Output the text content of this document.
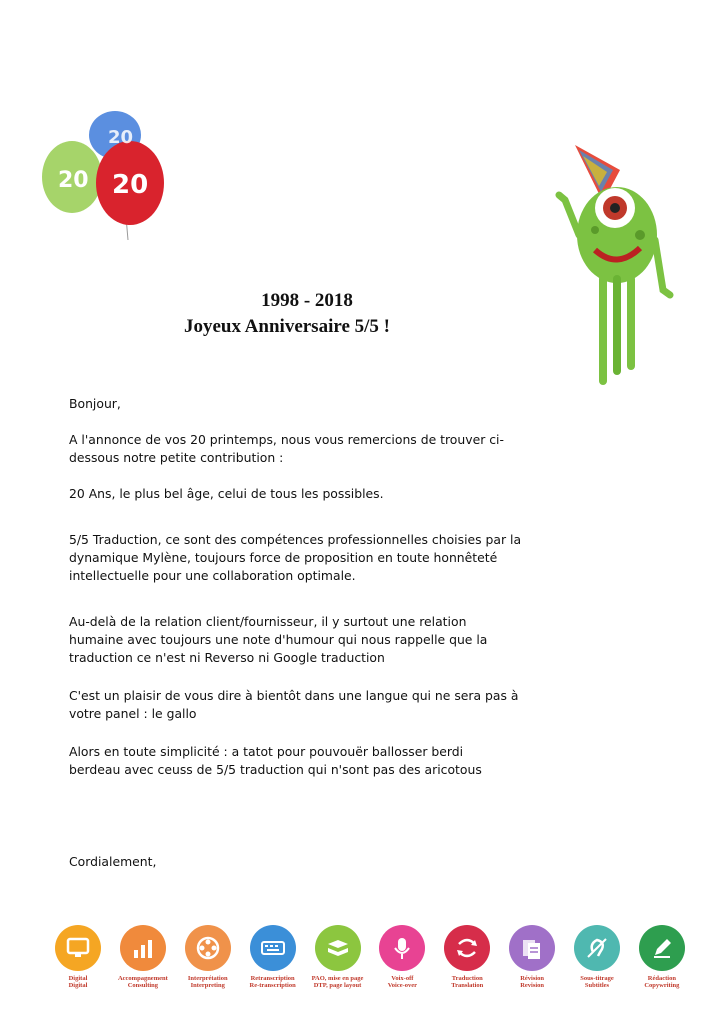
20
20 20
1998 - 2018
Joyeux Anniversaire 5/5 !

Bonjour,

A l'annonce de vos 20 printemps, nous vous remercions de trouver ci-
dessous notre petite contribution :

20 Ans, le plus bel âge, celui de tous les possibles.

5/5 Traduction, ce sont des compétences professionnelles choisies par la
dynamique Mylène, toujours force de proposition en toute honnêteté
intellectuelle pour une collaboration optimale.

Au-delà de la relation client/fournisseur, il y surtout une relation
humaine avec toujours une note d'humour qui nous rappelle que la
traduction ce n'est ni Reverso ni Google traduction

C'est un plaisir de vous dire à bientôt dans une langue qui ne sera pas à
votre panel : le gallo

Alors en toute simplicité : a tatot pour pouvouër ballosser berdi
berdeau avec ceuss de 5/5 traduction qui n'sont pas des aricotous

Cordialement,
Digital
Digital
Accompagnement
Consulting
Interprétation
Interpreting
Retranscription
Re-transcription
PAO, mise en page
DTP, page layout
Voix-off
Voice-over
Traduction
Translation
Révision
Revision
Sous-titrage
Subtitles
Rédaction
Copywriting
